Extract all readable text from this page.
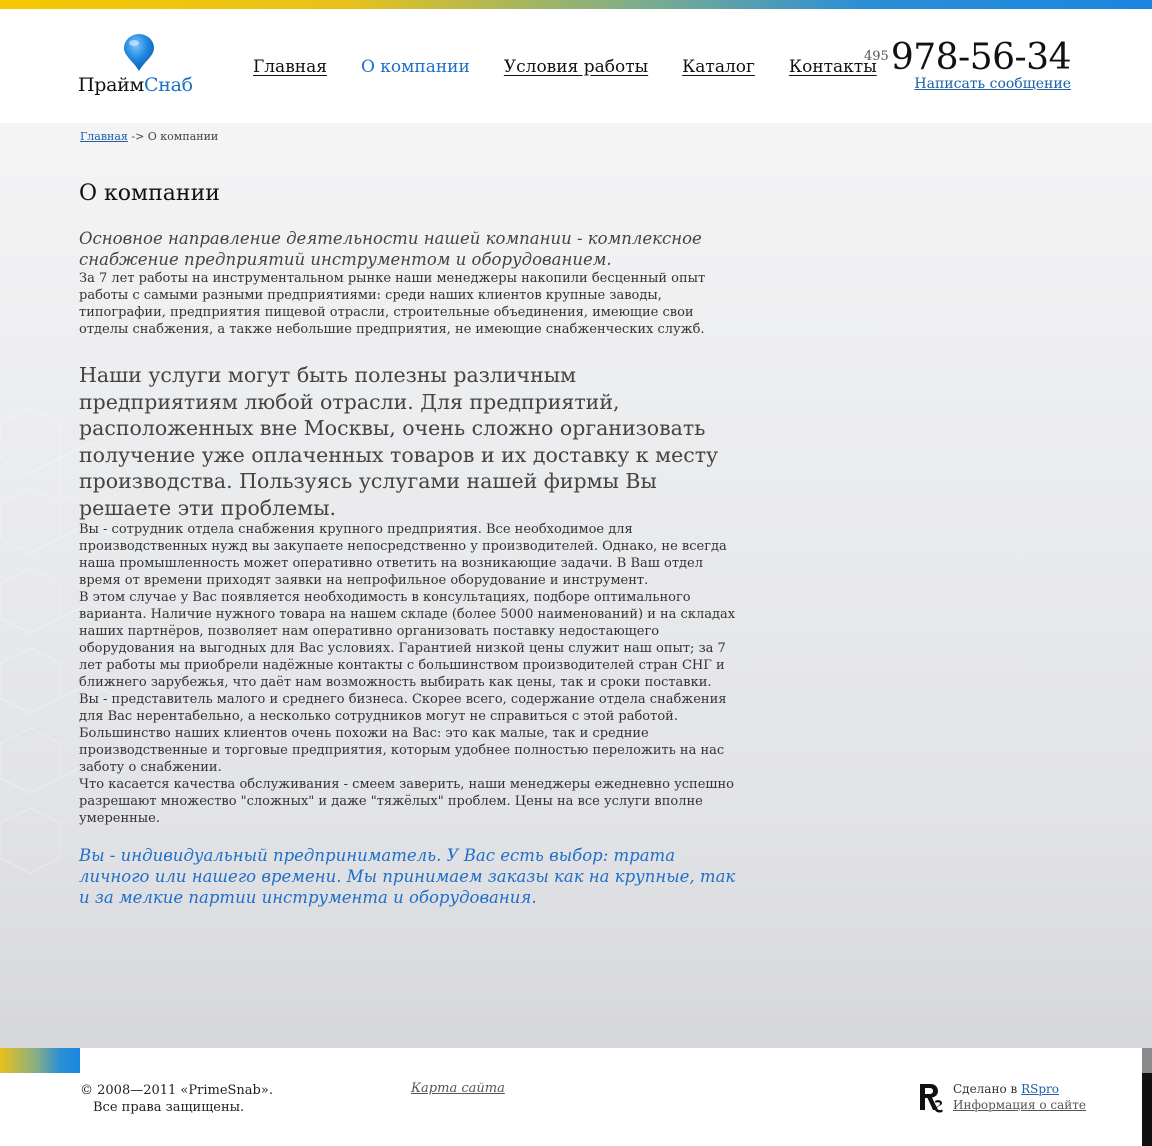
ПраймСнаб
Главная О компании Условия работы Каталог Контакты
$^{495}$978-56-34
Написать сообщение
Главная -> О компании
О компании

Основное направление деятельности нашей компании - комплексное снабжение предприятий инструментом и оборудованием.

За 7 лет работы на инструментальном рынке наши менеджеры накопили бесценный опыт работы с самыми разными предприятиями: среди наших клиентов крупные заводы, типографии, предприятия пищевой отрасли, строительные объединения, имеющие свои отделы снабжения, а также небольшие предприятия, не имеющие снабженческих служб.

Наши услуги могут быть полезны различным предприятиям любой отрасли. Для предприятий, расположенных вне Москвы, очень сложно организовать получение уже оплаченных товаров и их доставку к месту производства. Пользуясь услугами нашей фирмы Вы решаете эти проблемы.

Вы - сотрудник отдела снабжения крупного предприятия. Все необходимое для производственных нужд вы закупаете непосредственно у производителей. Однако, не всегда наша промышленность может оперативно ответить на возникающие задачи. В Ваш отдел время от времени приходят заявки на непрофильное оборудование и инструмент.

В этом случае у Вас появляется необходимость в консультациях, подборе оптимального варианта. Наличие нужного товара на нашем складе (более 5000 наименований) и на складах наших партнёров, позволяет нам оперативно организовать поставку недостающего оборудования на выгодных для Вас условиях. Гарантией низкой цены служит наш опыт; за 7 лет работы мы приобрели надёжные контакты с большинством производителей стран СНГ и ближнего зарубежья, что даёт нам возможность выбирать как цены, так и сроки поставки.

Вы - представитель малого и среднего бизнеса. Скорее всего, содержание отдела снабжения для Вас нерентабельно, а несколько сотрудников могут не справиться с этой работой. Большинство наших клиентов очень похожи на Вас: это как малые, так и средние производственные и торговые предприятия, которым удобнее полностью переложить на нас заботу о снабжении.

Что касается качества обслуживания - смеем заверить, наши менеджеры ежедневно успешно разрешают множество "сложных" и даже "тяжёлых" проблем. Цены на все услуги вполне умеренные.

Вы - индивидуальный предприниматель. У Вас есть выбор: трата личного или нашего времени. Мы принимаем заказы как на крупные, так и за мелкие партии инструмента и оборудования.

© 2008—2011 «PrimeSnab».
Все права защищены.
Карта сайта	Сделано в RSpro
Информация о сайте
